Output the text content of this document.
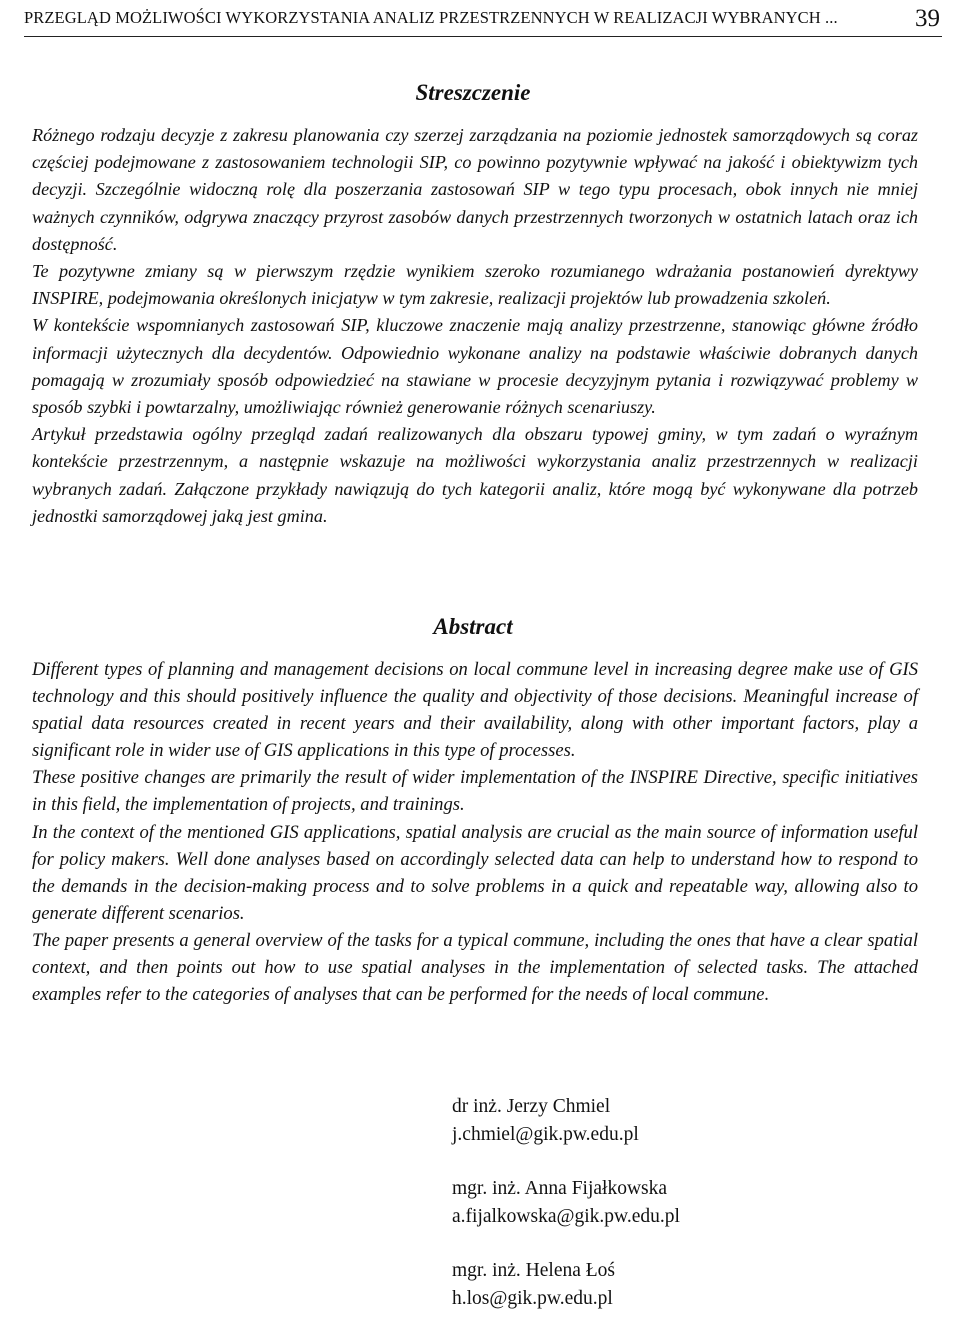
PRZEGLĄD MOŻLIWOŚCI WYKORZYSTANIA ANALIZ PRZESTRZENNYCH W REALIZACJI WYBRANYCH ...	39
Streszczenie

Różnego rodzaju decyzje z zakresu planowania czy szerzej zarządzania na poziomie jednostek samorządowych są coraz częściej podejmowane z zastosowaniem technologii SIP, co powinno pozytywnie wpływać na jakość i obiektywizm tych decyzji. Szczególnie widoczną rolę dla poszerzania zastosowań SIP w tego typu procesach, obok innych nie mniej ważnych czynników, odgrywa znaczący przyrost zasobów danych przestrzennych tworzonych w ostatnich latach oraz ich dostępność.

Te pozytywne zmiany są w pierwszym rzędzie wynikiem szeroko rozumianego wdrażania postanowień dyrektywy INSPIRE, podejmowania określonych inicjatyw w tym zakresie, realizacji projektów lub prowadzenia szkoleń.

W kontekście wspomnianych zastosowań SIP, kluczowe znaczenie mają analizy przestrzenne, stanowiąc główne źródło informacji użytecznych dla decydentów. Odpowiednio wykonane analizy na podstawie właściwie dobranych danych pomagają w zrozumiały sposób odpowiedzieć na stawiane w procesie decyzyjnym pytania i rozwiązywać problemy w sposób szybki i powtarzalny, umożliwiając również generowanie różnych scenariuszy.

Artykuł przedstawia ogólny przegląd zadań realizowanych dla obszaru typowej gminy, w tym zadań o wyraźnym kontekście przestrzennym, a następnie wskazuje na możliwości wykorzystania analiz przestrzennych w realizacji wybranych zadań. Załączone przykłady nawiązują do tych kategorii analiz, które mogą być wykonywane dla potrzeb jednostki samorządowej jaką jest gmina.

Abstract

Different types of planning and management decisions on local commune level in increasing degree make use of GIS technology and this should positively influence the quality and objectivity of those decisions. Meaningful increase of spatial data resources created in recent years and their availability, along with other important factors, play a significant role in wider use of GIS applications in this type of processes.

These positive changes are primarily the result of wider implementation of the INSPIRE Directive, specific initiatives in this field, the implementation of projects, and trainings.

In the context of the mentioned GIS applications, spatial analysis are crucial as the main source of information useful for policy makers. Well done analyses based on accordingly selected data can help to understand how to respond to the demands in the decision-making process and to solve problems in a quick and repeatable way, allowing also to generate different scenarios.

The paper presents a general overview of the tasks for a typical commune, including the ones that have a clear spatial context, and then points out how to use spatial analyses in the implementation of selected tasks. The attached examples refer to the categories of analyses that can be performed for the needs of local commune.

dr inż. Jerzy Chmiel
j.chmiel@gik.pw.edu.pl
mgr. inż. Anna Fijałkowska
a.fijalkowska@gik.pw.edu.pl
mgr. inż. Helena Łoś
h.los@gik.pw.edu.pl
